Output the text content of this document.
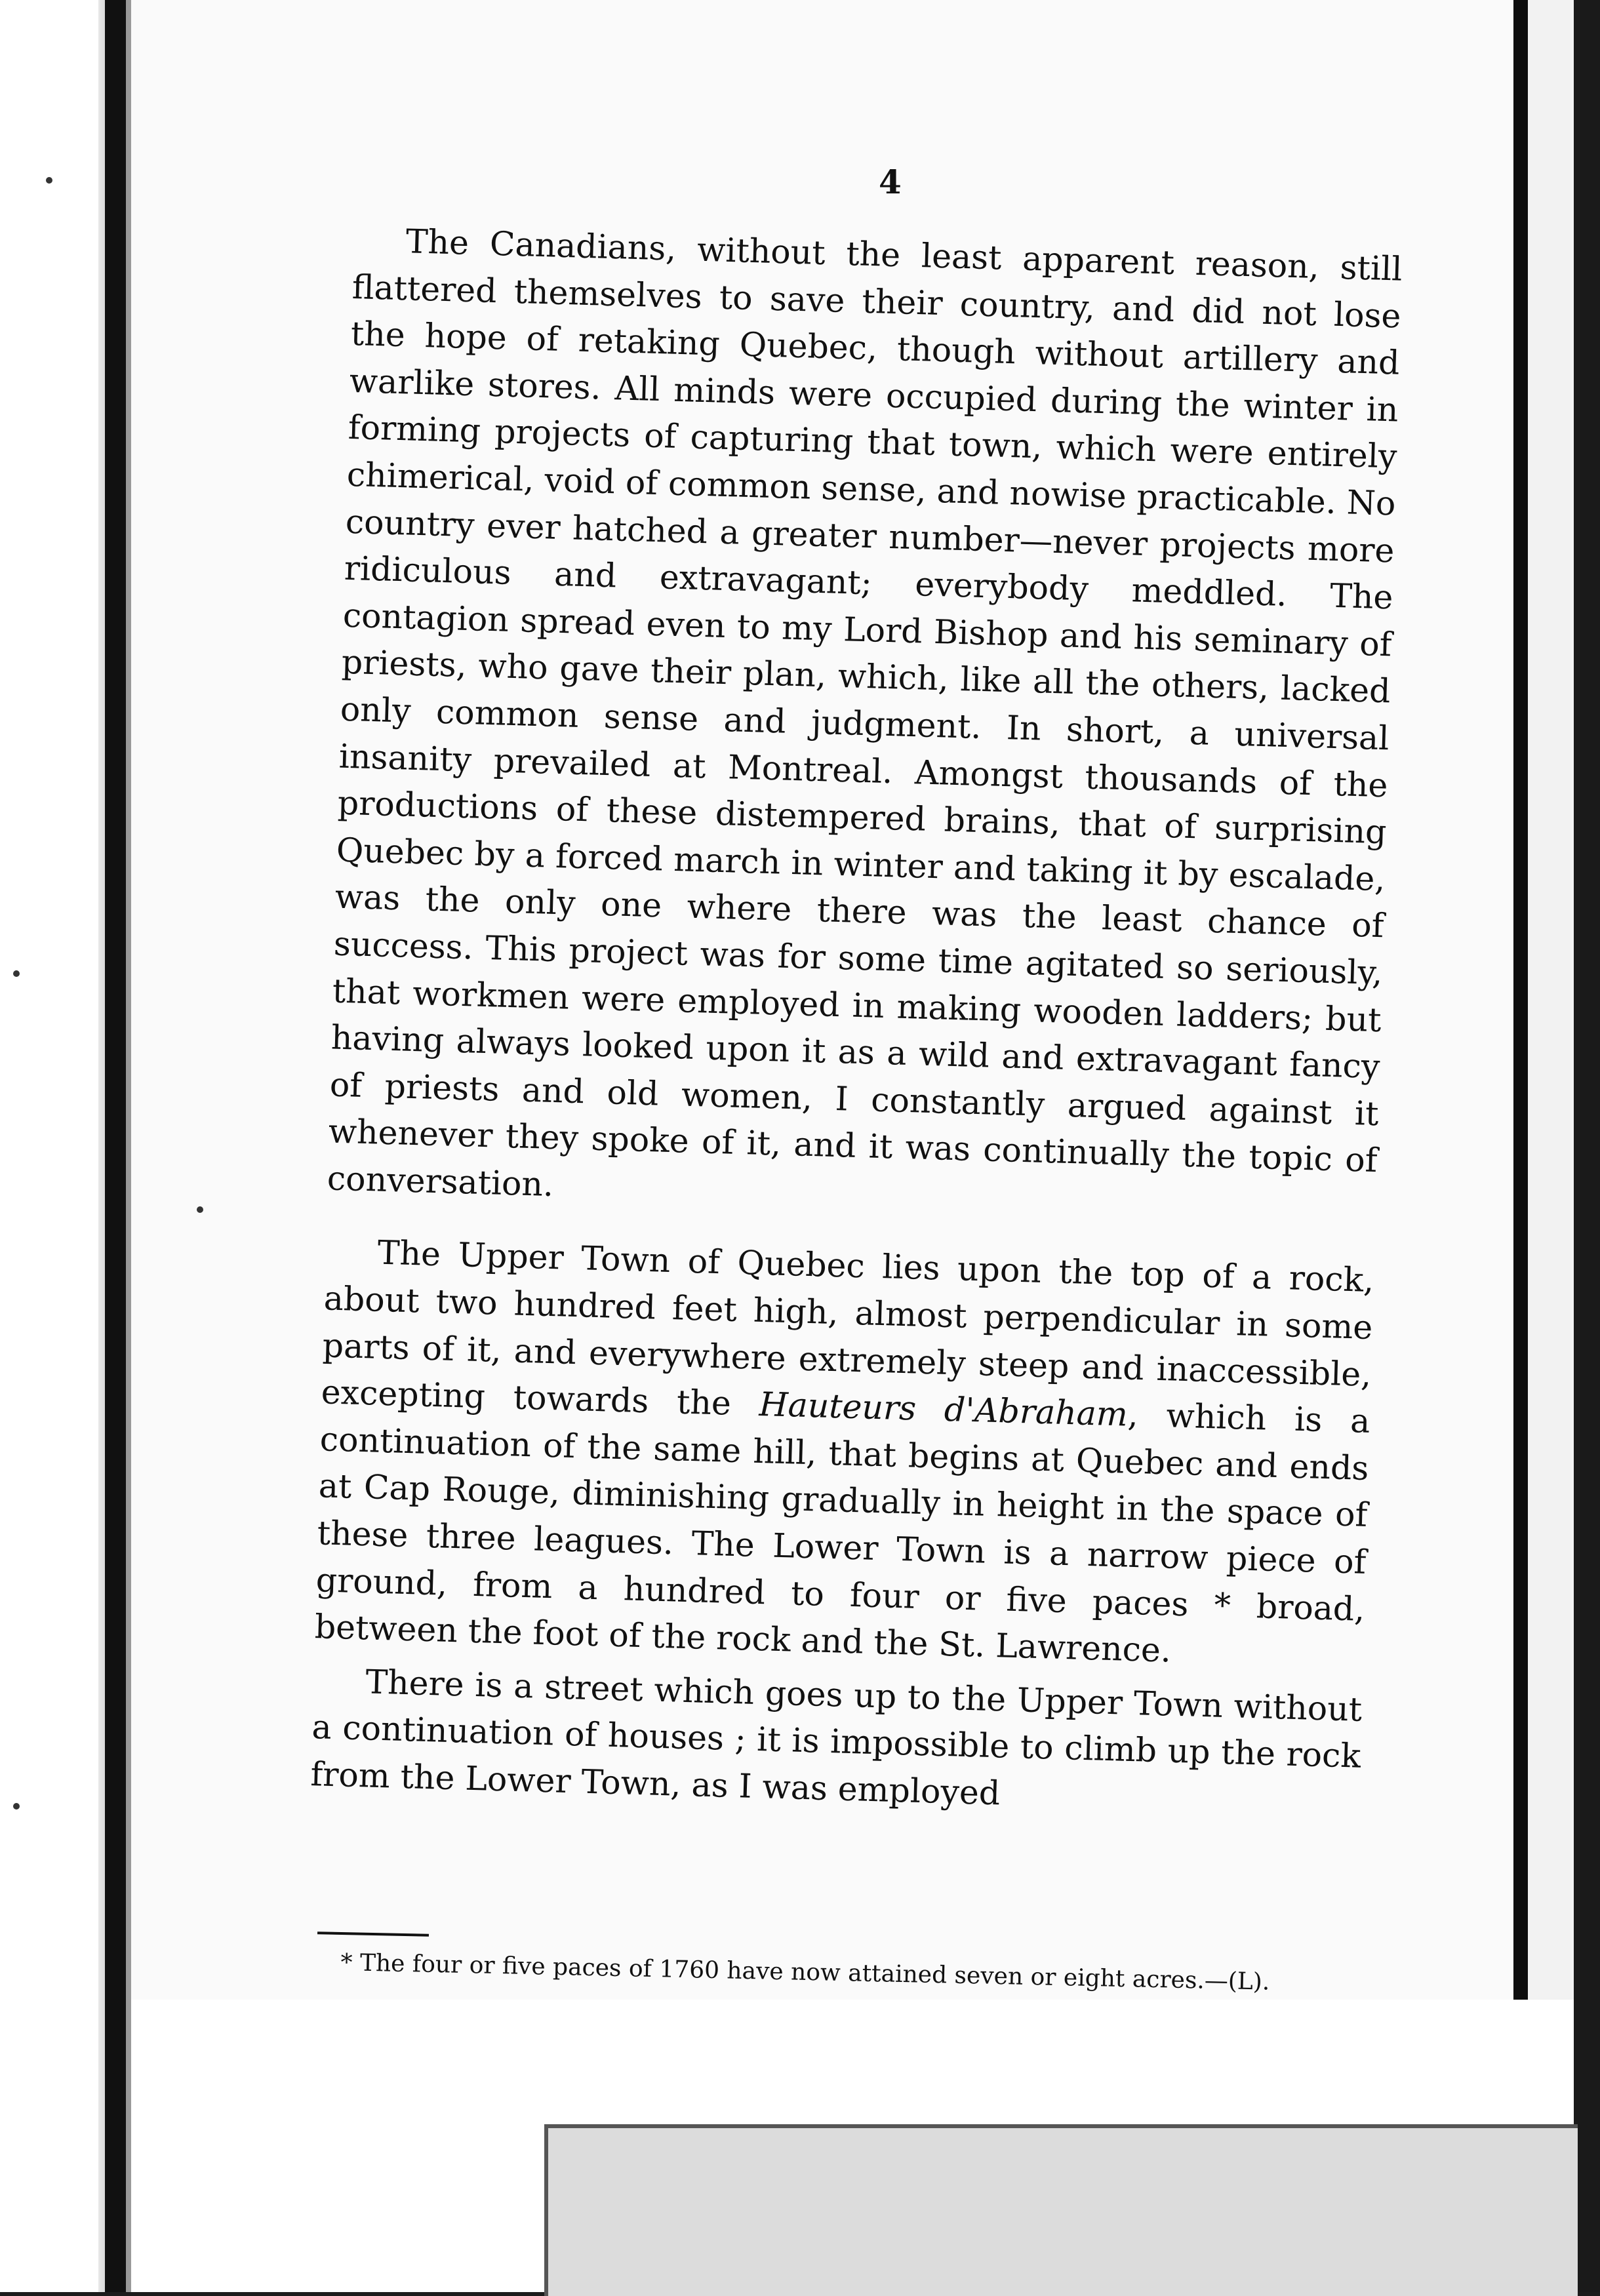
4

The Canadians, without the least apparent reason, still flattered themselves to save their country, and did not lose the hope of retaking Quebec, though without artillery and warlike stores. All minds were occupied during the winter in forming projects of capturing that town, which were entirely chimerical, void of common sense, and nowise practicable. No country ever hatched a greater number—never projects more ridiculous and extravagant; everybody meddled. The contagion spread even to my Lord Bishop and his seminary of priests, who gave their plan, which, like all the others, lacked only common sense and judgment. In short, a universal insanity prevailed at Montreal. Amongst thousands of the productions of these distempered brains, that of surprising Quebec by a forced march in winter and taking it by escalade, was the only one where there was the least chance of success. This project was for some time agitated so seriously, that workmen were employed in making wooden ladders; but having always looked upon it as a wild and extravagant fancy of priests and old women, I constantly argued against it whenever they spoke of it, and it was continually the topic of conversation.

The Upper Town of Quebec lies upon the top of a rock, about two hundred feet high, almost perpendicular in some parts of it, and everywhere extremely steep and inaccessible, excepting towards the Hauteurs d'Abraham, which is a continuation of the same hill, that begins at Quebec and ends at Cap Rouge, diminishing gradually in height in the space of these three leagues. The Lower Town is a narrow piece of ground, from a hundred to four or five paces * broad, between the foot of the rock and the St. Lawrence.

There is a street which goes up to the Upper Town without a continuation of houses ; it is impossible to climb up the rock from the Lower Town, as I was employed

* The four or five paces of 1760 have now attained seven or eight acres.—(L).
